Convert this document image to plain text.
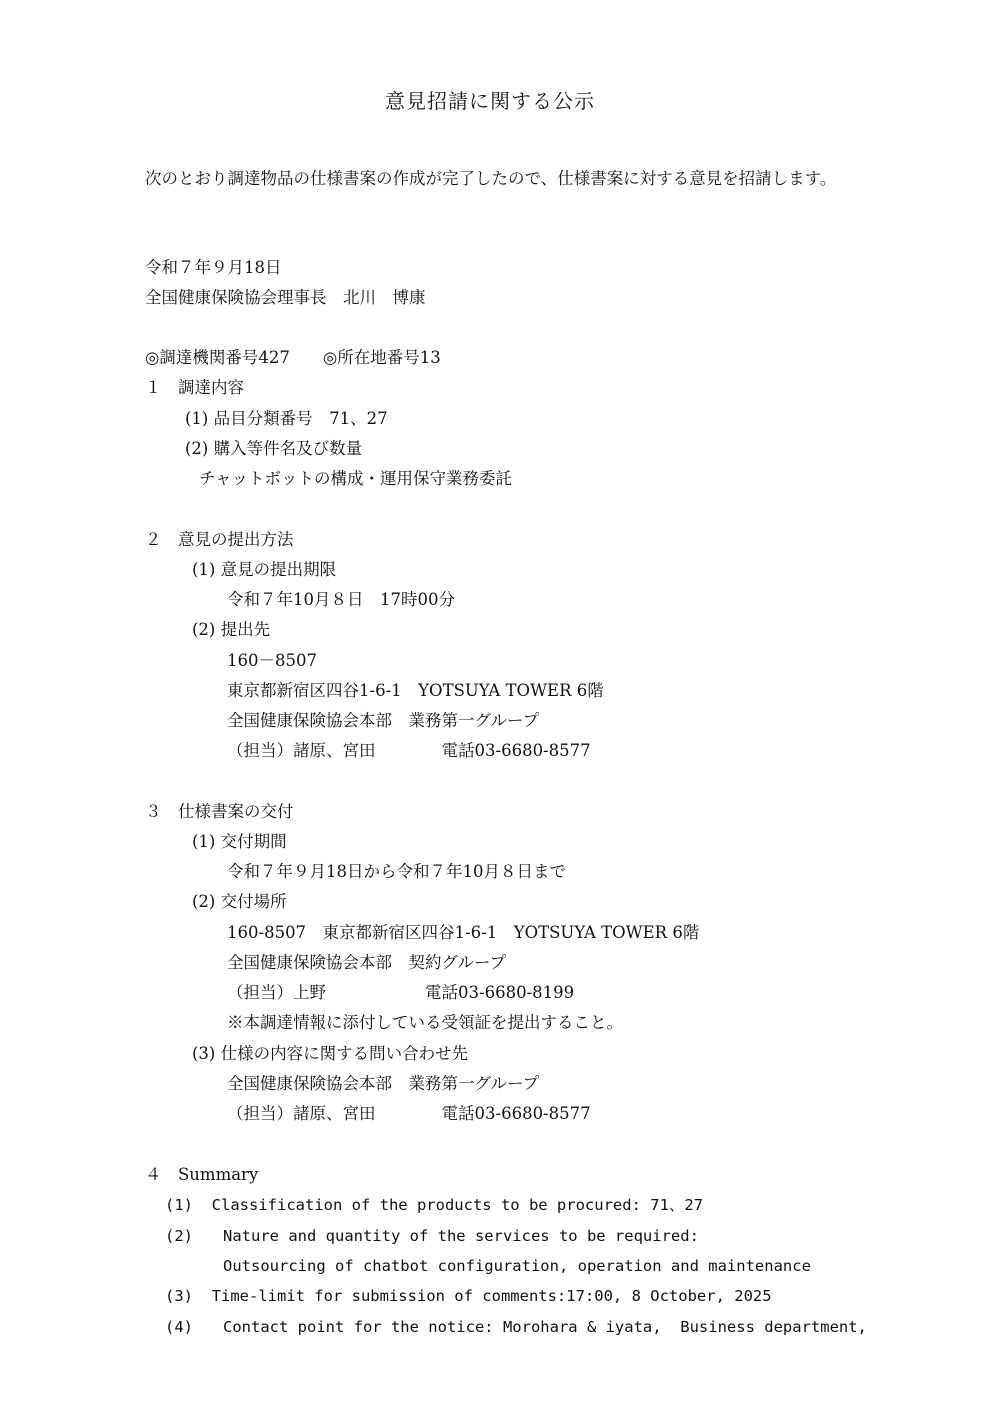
意見招請に関する公示
次のとおり調達物品の仕様書案の作成が完了したので、仕様書案に対する意見を招請します。
令和７年９月18日
全国健康保険協会理事長　北川　博康
◎調達機関番号427　　◎所在地番号13
１　調達内容
(1) 品目分類番号　71、27
(2) 購入等件名及び数量
チャットボットの構成・運用保守業務委託
２　意見の提出方法
(1) 意見の提出期限
令和７年10月８日　17時00分
(2) 提出先
160－8507
東京都新宿区四谷1-6-1　YOTSUYA TOWER 6階
全国健康保険協会本部　業務第一グループ
（担当）諸原、宮田　　　　電話03-6680-8577
３　仕様書案の交付
(1) 交付期間
令和７年９月18日から令和７年10月８日まで
(2) 交付場所
160-8507　東京都新宿区四谷1-6-1　YOTSUYA TOWER 6階
全国健康保険協会本部　契約グループ
（担当）上野　　　　　　電話03-6680-8199
※本調達情報に添付している受領証を提出すること。
(3) 仕様の内容に関する問い合わせ先
全国健康保険協会本部　業務第一グループ
（担当）諸原、宮田　　　　電話03-6680-8577
４　Summary
(1)  Classification of the products to be procured: 71、27
(2) Nature and quantity of the services to be required:
Outsourcing of chatbot configuration, operation and maintenance
(3)  Time-limit for submission of comments:17:00, 8 October, 2025
(4) Contact point for the notice: Morohara & iyata,  Business department,
